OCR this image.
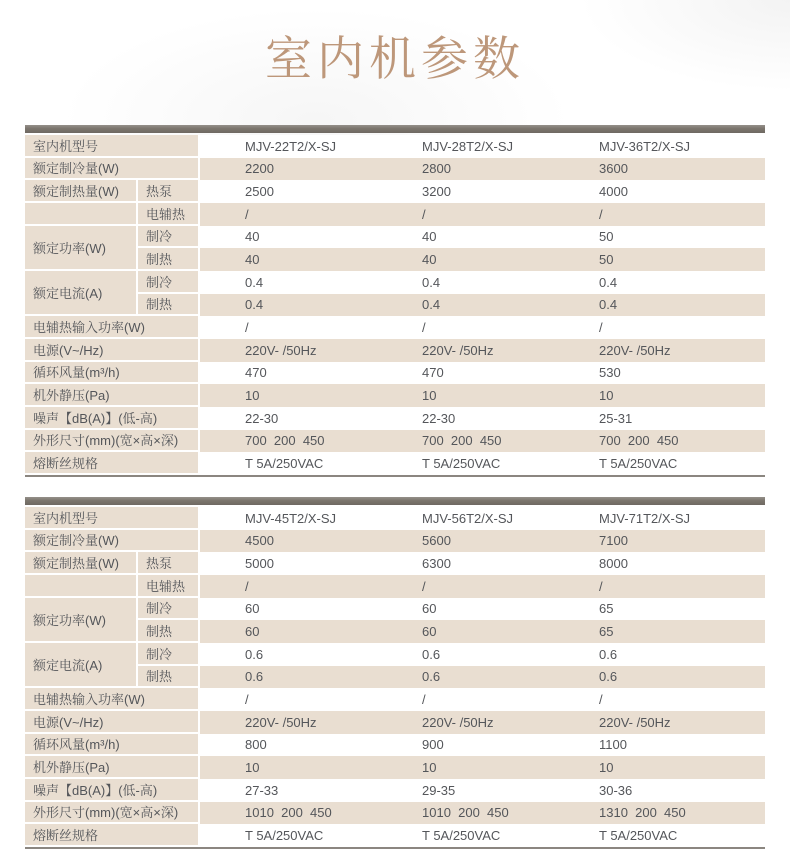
室内机参数
室内机型号	MJV-22T2/X-SJ	MJV-28T2/X-SJ	MJV-36T2/X-SJ
额定制冷量(W)	2200	2800	3600
额定制热量(W)	热泵	2500	3200	4000
电辅热	/	/	/
额定功率(W)
制冷	40	40	50
制热	40	40	50
额定电流(A)
制冷	0.4	0.4	0.4
制热	0.4	0.4	0.4
电辅热输入功率(W)	/	/	/
电源(V~/Hz)	220V- /50Hz	220V- /50Hz	220V- /50Hz
循环风量(m³/h)	470	470	530
机外静压(Pa)	10	10	10
噪声【dB(A)】(低-高)	22-30	22-30	25-31
外形尺寸(mm)(宽×高×深)	700  200  450	700  200  450	700  200  450
熔断丝规格	T 5A/250VAC	T 5A/250VAC	T 5A/250VAC
室内机型号	MJV-45T2/X-SJ	MJV-56T2/X-SJ	MJV-71T2/X-SJ
额定制冷量(W)	4500	5600	7100
额定制热量(W)	热泵	5000	6300	8000
电辅热	/	/	/
额定功率(W)
制冷	60	60	65
制热	60	60	65
额定电流(A)
制冷	0.6	0.6	0.6
制热	0.6	0.6	0.6
电辅热输入功率(W)	/	/	/
电源(V~/Hz)	220V- /50Hz	220V- /50Hz	220V- /50Hz
循环风量(m³/h)	800	900	1100
机外静压(Pa)	10	10	10
噪声【dB(A)】(低-高)	27-33	29-35	30-36
外形尺寸(mm)(宽×高×深)	1010  200  450	1010  200  450	1310  200  450
熔断丝规格	T 5A/250VAC	T 5A/250VAC	T 5A/250VAC
